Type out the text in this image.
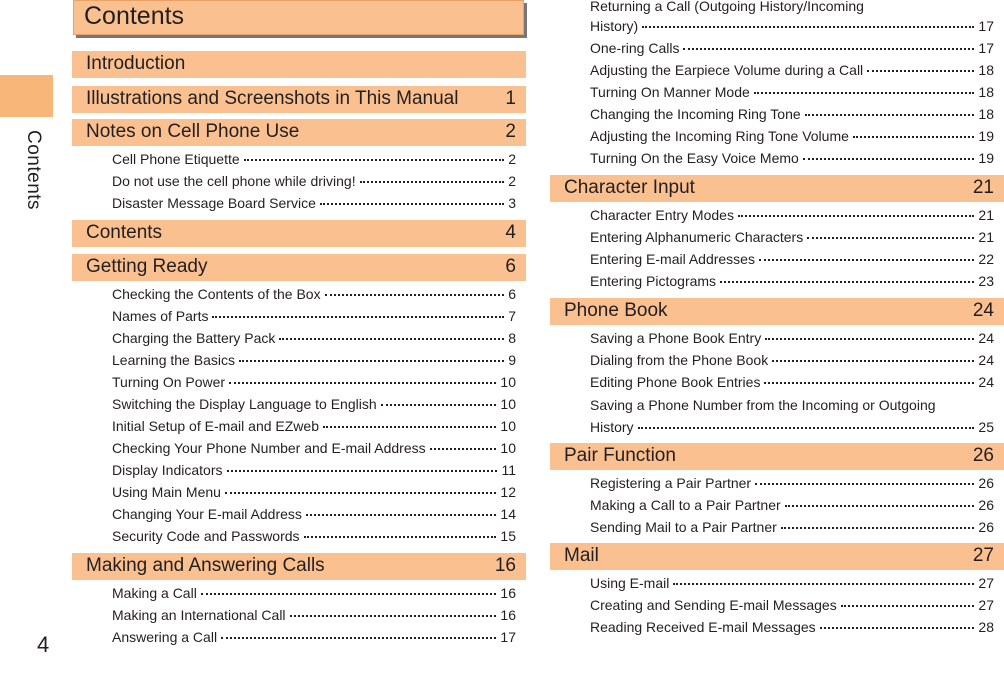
Contents
4
Contents
Introduction
Illustrations and Screenshots in This Manual 1
Notes on Cell Phone Use	2
Cell Phone Etiquette	2
Do not use the cell phone while driving!	2
Disaster Message Board Service	3
Contents	4
Getting Ready	6
Checking the Contents of the Box	6
Names of Parts	7
Charging the Battery Pack	8
Learning the Basics	9
Turning On Power	10
Switching the Display Language to English	10
Initial Setup of E-mail and EZweb	10
Checking Your Phone Number and E-mail Address	10
Display Indicators	11
Using Main Menu	12
Changing Your E-mail Address	14
Security Code and Passwords	15
Making and Answering Calls	16
Making a Call	16
Making an International Call	16
Answering a Call	17
Returning a Call (Outgoing History/Incoming
History)	17
One-ring Calls	17
Adjusting the Earpiece Volume during a Call	18
Turning On Manner Mode	18
Changing the Incoming Ring Tone	18
Adjusting the Incoming Ring Tone Volume	19
Turning On the Easy Voice Memo	19
Character Input	21
Character Entry Modes	21
Entering Alphanumeric Characters	21
Entering E-mail Addresses	22
Entering Pictograms	23
Phone Book	24
Saving a Phone Book Entry	24
Dialing from the Phone Book	24
Editing Phone Book Entries	24
Saving a Phone Number from the Incoming or Outgoing
History	25
Pair Function	26
Registering a Pair Partner	26
Making a Call to a Pair Partner	26
Sending Mail to a Pair Partner	26
Mail	27
Using E-mail	27
Creating and Sending E-mail Messages	27
Reading Received E-mail Messages	28
